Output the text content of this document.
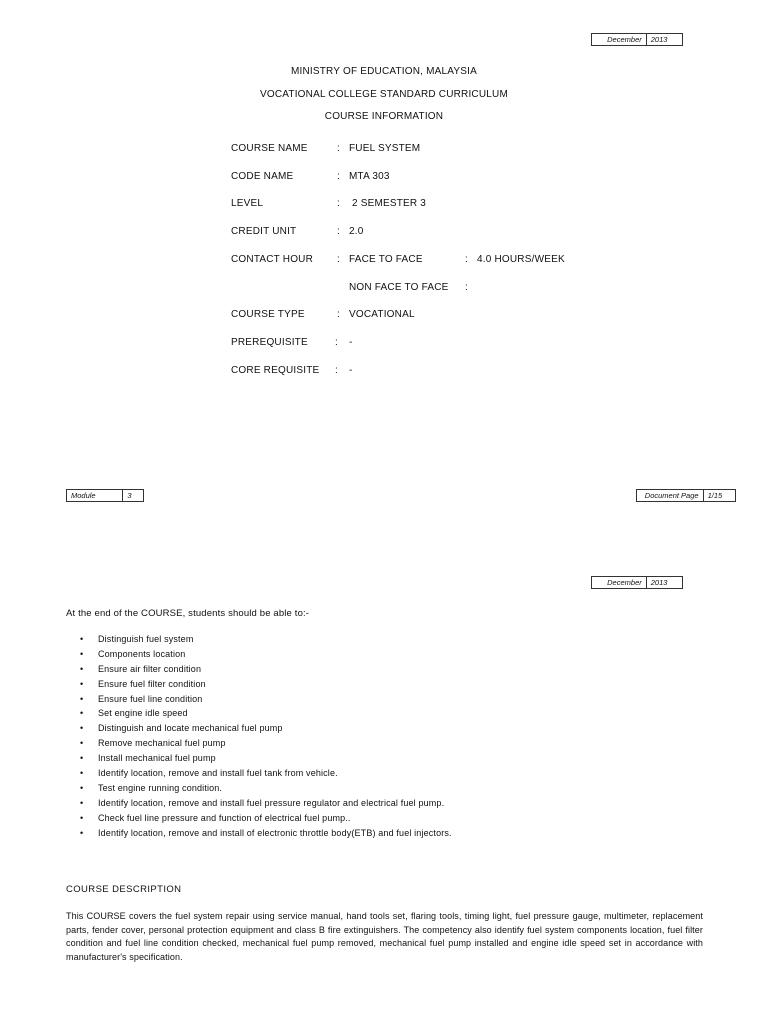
December	2013
MINISTRY OF EDUCATION, MALAYSIA
VOCATIONAL COLLEGE STANDARD CURRICULUM
COURSE INFORMATION
COURSE NAME	: FUEL SYSTEM
CODE NAME	: MTA 303
LEVEL	: 2 SEMESTER 3
CREDIT UNIT	: 2.0
CONTACT HOUR : FACE TO FACE	: 4.0 HOURS/WEEK
NON FACE TO FACE :
COURSE TYPE	: VOCATIONAL
PREREQUISITE	: -
CORE REQUISITE : -
Module	3	Document Page	1/15
December	2013
At the end of the COURSE, students should be able to:-
• Distinguish fuel system
• Components location
• Ensure air filter condition
• Ensure fuel filter condition
• Ensure fuel line condition
• Set engine idle speed
• Distinguish and locate mechanical fuel pump
• Remove mechanical fuel pump
• Install mechanical fuel pump
• Identify location, remove and install fuel tank from vehicle.
• Test engine running condition.
• Identify location, remove and install fuel pressure regulator and electrical fuel pump.
• Check fuel line pressure and function of electrical fuel pump..
• Identify location, remove and install of electronic throttle body(ETB) and fuel injectors.
COURSE DESCRIPTION
This COURSE covers the fuel system repair using service manual, hand tools set, flaring tools, timing light, fuel pressure gauge, multimeter, replacement parts, fender cover, personal protection equipment and class B fire extinguishers. The competency also identify fuel system components location, fuel filter condition and fuel line condition checked, mechanical fuel pump removed, mechanical fuel pump installed and engine idle speed set in accordance with manufacturer's specification.
